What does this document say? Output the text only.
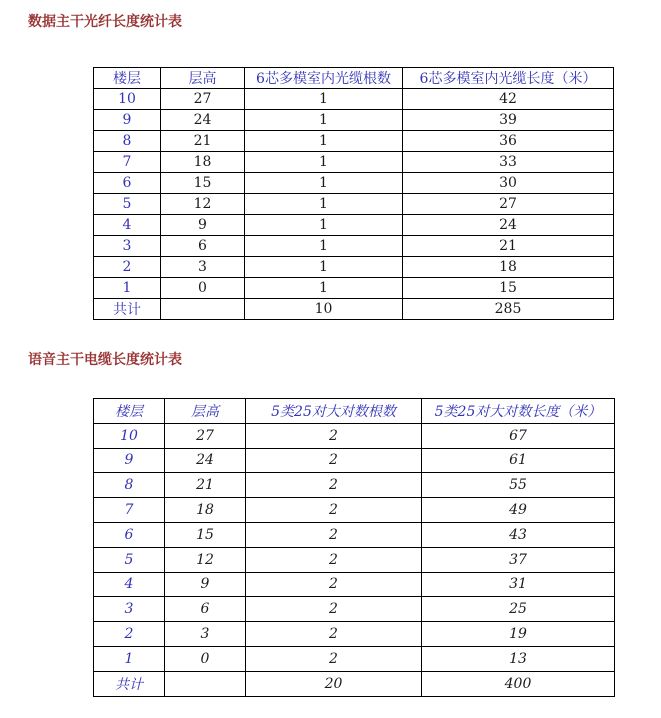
数据主干光纤长度统计表
楼层	层高	6芯多模室内光缆根数	6芯多模室内光缆长度（米）
10	27	1	42
9	24	1	39
8	21	1	36
7	18	1	33
6	15	1	30
5	12	1	27
4	9	1	24
3	6	1	21
2	3	1	18
1	0	1	15
共计		10	285
语音主干电缆长度统计表
楼层	层高	5类25对大对数根数	5类25对大对数长度（米）
10	27	2	67
9	24	2	61
8	21	2	55
7	18	2	49
6	15	2	43
5	12	2	37
4	9	2	31
3	6	2	25
2	3	2	19
1	0	2	13
共计		20	400
